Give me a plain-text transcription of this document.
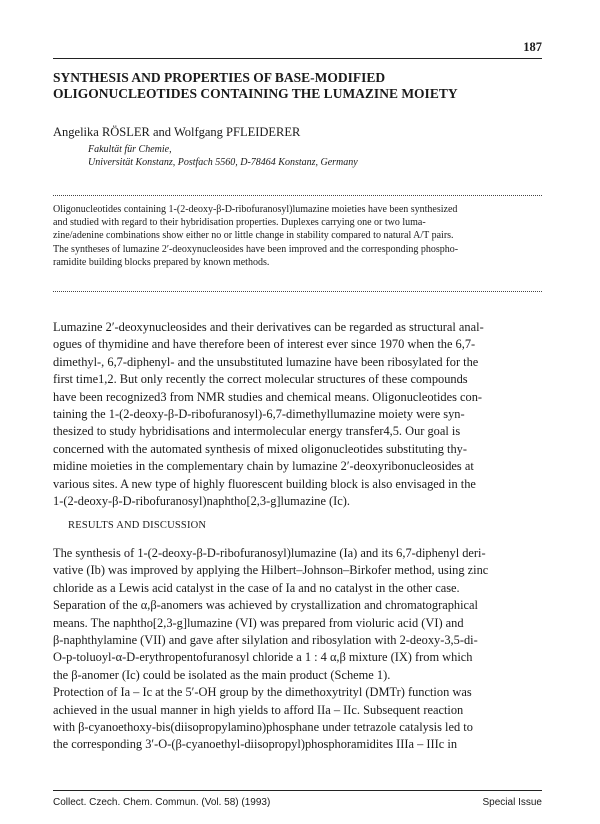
187
SYNTHESIS AND PROPERTIES OF BASE-MODIFIED
OLIGONUCLEOTIDES CONTAINING THE LUMAZINE MOIETY
Angelika RÖSLER and Wolfgang PFLEIDERER
Fakultät für Chemie,
Universität Konstanz, Postfach 5560, D-78464 Konstanz, Germany
Oligonucleotides containing 1-(2-deoxy-β-D-ribofuranosyl)lumazine moieties have been synthesized
and studied with regard to their hybridisation properties. Duplexes carrying one or two luma-
zine/adenine combinations show either no or little change in stability compared to natural A/T pairs.
The syntheses of lumazine 2′-deoxynucleosides have been improved and the corresponding phospho-
ramidite building blocks prepared by known methods.
Lumazine 2′-deoxynucleosides and their derivatives can be regarded as structural anal-
ogues of thymidine and have therefore been of interest ever since 1970 when the 6,7-
dimethyl-, 6,7-diphenyl- and the unsubstituted lumazine have been ribosylated for the
first time1,2. But only recently the correct molecular structures of these compounds
have been recognized3 from NMR studies and chemical means. Oligonucleotides con-
taining the 1-(2-deoxy-β-D-ribofuranosyl)-6,7-dimethyllumazine moiety were syn-
thesized to study hybridisations and intermolecular energy transfer4,5. Our goal is
concerned with the automated synthesis of mixed oligonucleotides substituting thy-
midine moieties in the complementary chain by lumazine 2′-deoxyribonucleosides at
various sites. A new type of highly fluorescent building block is also envisaged in the
1-(2-deoxy-β-D-ribofuranosyl)naphtho[2,3-g]lumazine (Ic).
RESULTS AND DISCUSSION
The synthesis of 1-(2-deoxy-β-D-ribofuranosyl)lumazine (Ia) and its 6,7-diphenyl deri-
vative (Ib) was improved by applying the Hilbert–Johnson–Birkofer method, using zinc
chloride as a Lewis acid catalyst in the case of Ia and no catalyst in the other case.
Separation of the α,β-anomers was achieved by crystallization and chromatographical
means. The naphtho[2,3-g]lumazine (VI) was prepared from violuric acid (VI) and
β-naphthylamine (VII) and gave after silylation and ribosylation with 2-deoxy-3,5-di-
O-p-toluoyl-α-D-erythropentofuranosyl chloride a 1 : 4 α,β mixture (IX) from which
the β-anomer (Ic) could be isolated as the main product (Scheme 1).
Protection of Ia – Ic at the 5′-OH group by the dimethoxytrityl (DMTr) function was
achieved in the usual manner in high yields to afford IIa – IIc. Subsequent reaction
with β-cyanoethoxy-bis(diisopropylamino)phosphane under tetrazole catalysis led to
the corresponding 3′-O-(β-cyanoethyl-diisopropyl)phosphoramidites IIIa – IIIc in
Collect. Czech. Chem. Commun. (Vol. 58) (1993)	Special Issue
